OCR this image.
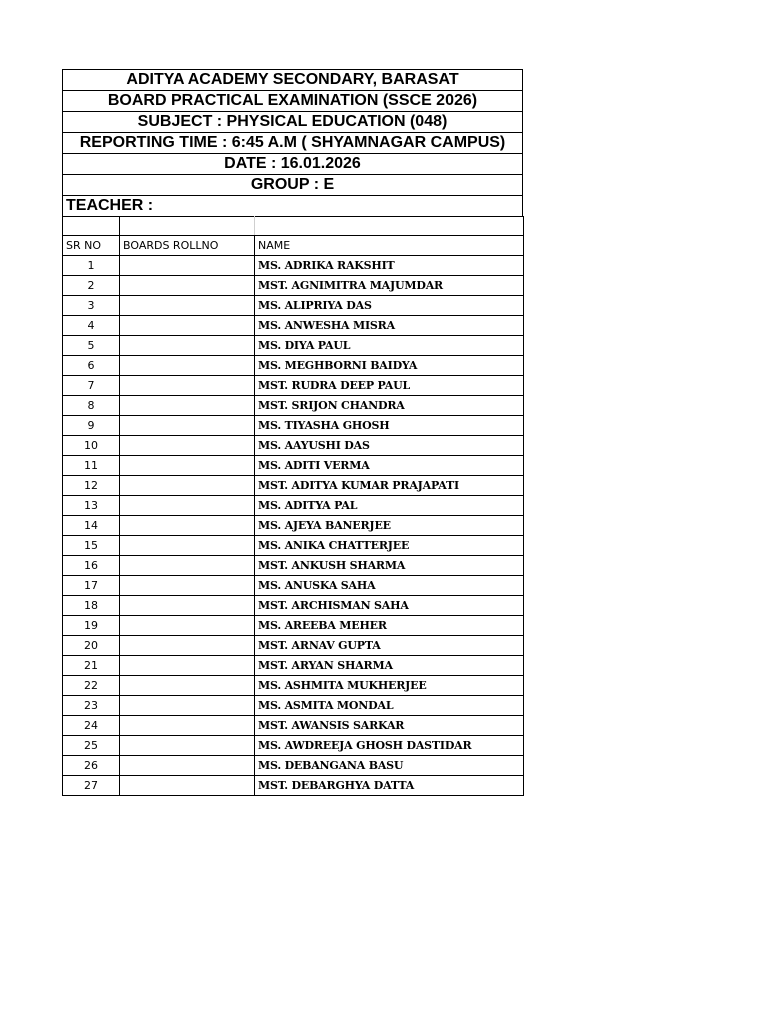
ADITYA ACADEMY SECONDARY, BARASAT
BOARD PRACTICAL EXAMINATION (SSCE 2026)
SUBJECT : PHYSICAL EDUCATION (048)
REPORTING TIME : 6:45 A.M ( SHYAMNAGAR CAMPUS)
DATE : 16.01.2026
GROUP : E
TEACHER :

SR NO	BOARDS ROLLNO	NAME
1		MS. ADRIKA RAKSHIT
2		MST. AGNIMITRA MAJUMDAR
3		MS. ALIPRIYA DAS
4		MS. ANWESHA MISRA
5		MS. DIYA PAUL
6		MS. MEGHBORNI BAIDYA
7		MST. RUDRA DEEP PAUL
8		MST. SRIJON CHANDRA
9		MS. TIYASHA GHOSH
10		MS. AAYUSHI DAS
11		MS. ADITI VERMA
12		MST. ADITYA KUMAR PRAJAPATI
13		MS. ADITYA PAL
14		MS. AJEYA BANERJEE
15		MS. ANIKA CHATTERJEE
16		MST. ANKUSH SHARMA
17		MS. ANUSKA SAHA
18		MST. ARCHISMAN SAHA
19		MS. AREEBA MEHER
20		MST. ARNAV GUPTA
21		MST. ARYAN SHARMA
22		MS. ASHMITA MUKHERJEE
23		MS. ASMITA MONDAL
24		MST. AWANSIS SARKAR
25		MS. AWDREEJA GHOSH DASTIDAR
26		MS. DEBANGANA BASU
27		MST. DEBARGHYA DATTA
